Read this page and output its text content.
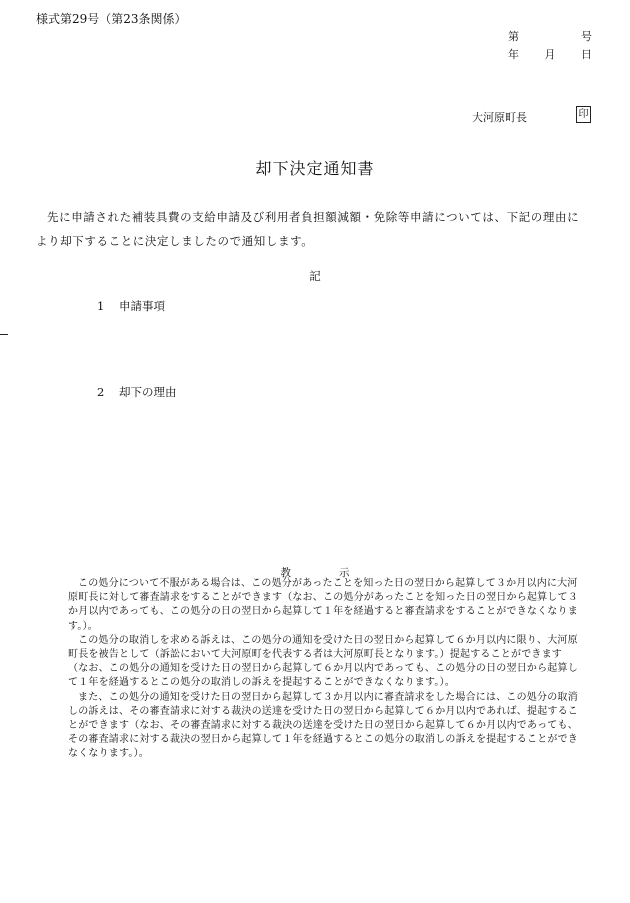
様式第29号（第23条関係）
第	号
年 月 日
大河原町長	印
却下決定通知書
先に申請された補装具費の支給申請及び利用者負担額減額・免除等申請については、下記の理由により却下することに決定しましたので通知します。
記
1 申請事項
2 却下の理由
教	示

この処分について不服がある場合は、この処分があったことを知った日の翌日から起算して３か月以内に大河原町長に対して審査請求をすることができます（なお、この処分があったことを知った日の翌日から起算して３か月以内であっても、この処分の日の翌日から起算して１年を経過すると審査請求をすることができなくなります。）。

この処分の取消しを求める訴えは、この処分の通知を受けた日の翌日から起算して６か月以内に限り、大河原町長を被告として（訴訟において大河原町を代表する者は大河原町長となります。）提起することができます（なお、この処分の通知を受けた日の翌日から起算して６か月以内であっても、この処分の日の翌日から起算して１年を経過するとこの処分の取消しの訴えを提起することができなくなります。）。

また、この処分の通知を受けた日の翌日から起算して３か月以内に審査請求をした場合には、この処分の取消しの訴えは、その審査請求に対する裁決の送達を受けた日の翌日から起算して６か月以内であれば、提起することができます（なお、その審査請求に対する裁決の送達を受けた日の翌日から起算して６か月以内であっても、その審査請求に対する裁決の翌日から起算して１年を経過するとこの処分の取消しの訴えを提起することができなくなります。）。
